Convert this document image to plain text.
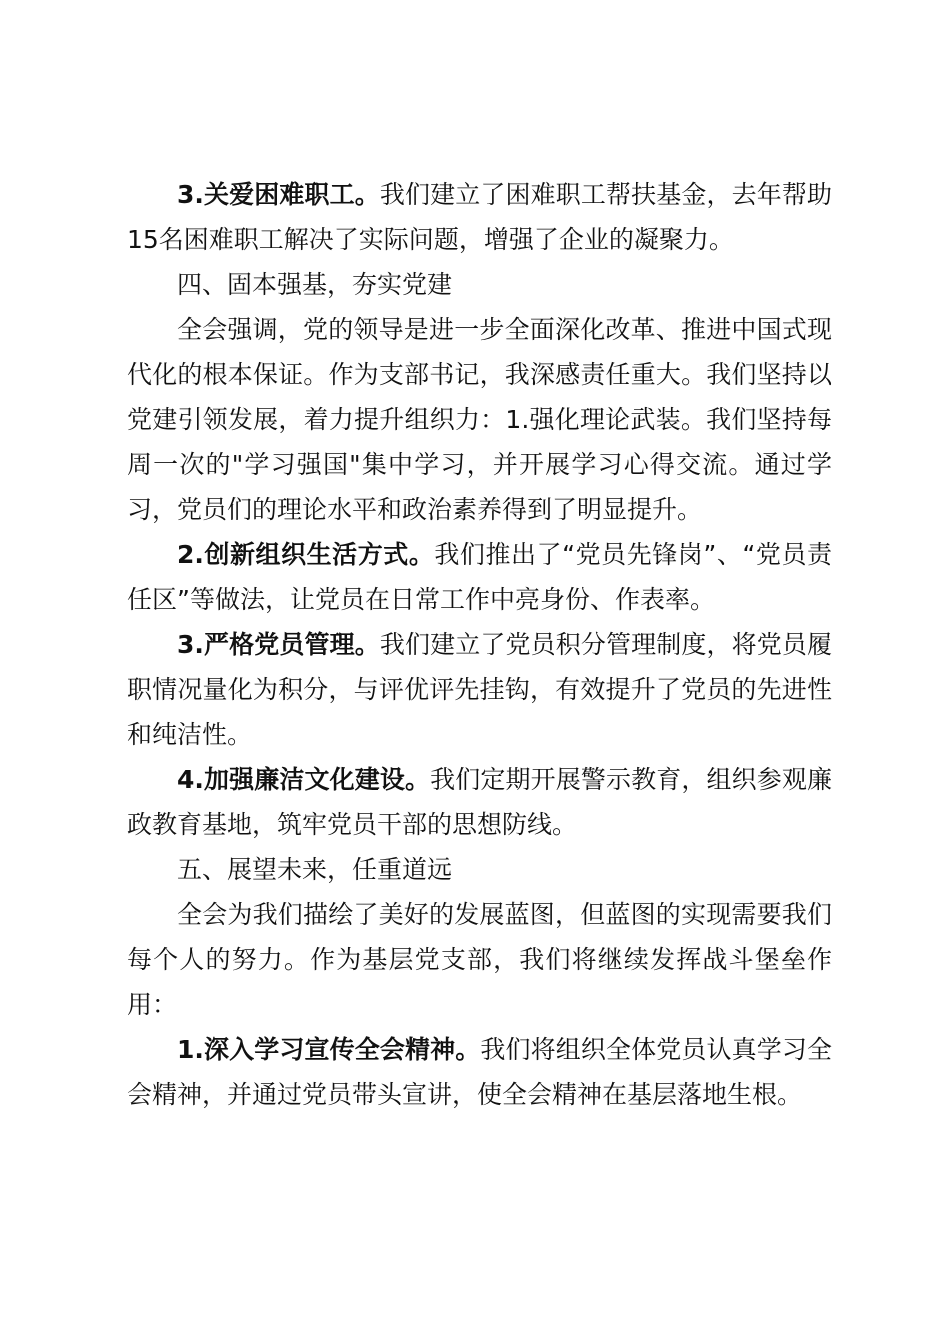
3.关爱困难职工。我们建立了困难职工帮扶基金，去年帮助15名困难职工解决了实际问题，增强了企业的凝聚力。

四、固本强基，夯实党建

全会强调，党的领导是进一步全面深化改革、推进中国式现代化的根本保证。作为支部书记，我深感责任重大。我们坚持以党建引领发展，着力提升组织力：1.强化理论武装。我们坚持每周一次的"学习强国"集中学习，并开展学习心得交流。通过学习，党员们的理论水平和政治素养得到了明显提升。

2.创新组织生活方式。我们推出了“党员先锋岗”、“党员责任区”等做法，让党员在日常工作中亮身份、作表率。

3.严格党员管理。我们建立了党员积分管理制度，将党员履职情况量化为积分，与评优评先挂钩，有效提升了党员的先进性和纯洁性。

4.加强廉洁文化建设。我们定期开展警示教育，组织参观廉政教育基地，筑牢党员干部的思想防线。

五、展望未来，任重道远

全会为我们描绘了美好的发展蓝图，但蓝图的实现需要我们每个人的努力。作为基层党支部，我们将继续发挥战斗堡垒作用：

1.深入学习宣传全会精神。我们将组织全体党员认真学习全会精神，并通过党员带头宣讲，使全会精神在基层落地生根。
